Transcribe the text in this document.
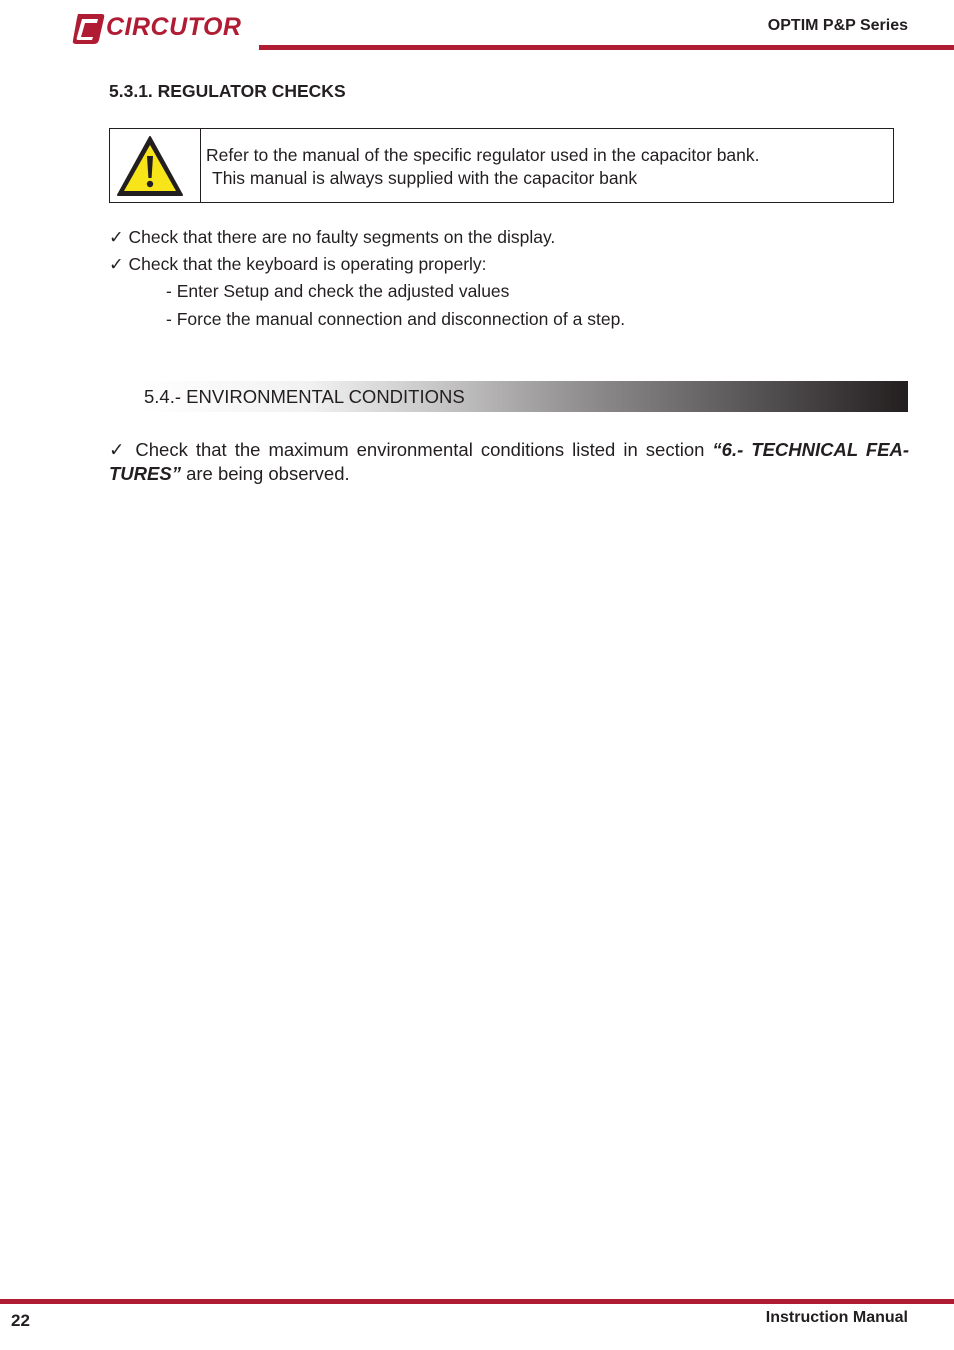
CIRCUTOR	OPTIM P&P Series
5.3.1. REGULATOR CHECKS
Refer to the manual of the specific regulator used in the capacitor bank.
This manual is always supplied with the capacitor bank
✓ Check that there are no faulty segments on the display.
✓ Check that the keyboard is operating properly:
- Enter Setup and check the adjusted values
- Force the manual connection and disconnection of a step.
5.4.- ENVIRONMENTAL CONDITIONS
✓ Check that the maximum environmental conditions listed in section “6.- TECHNICAL FEA-TURES” are being observed.
22	Instruction Manual
